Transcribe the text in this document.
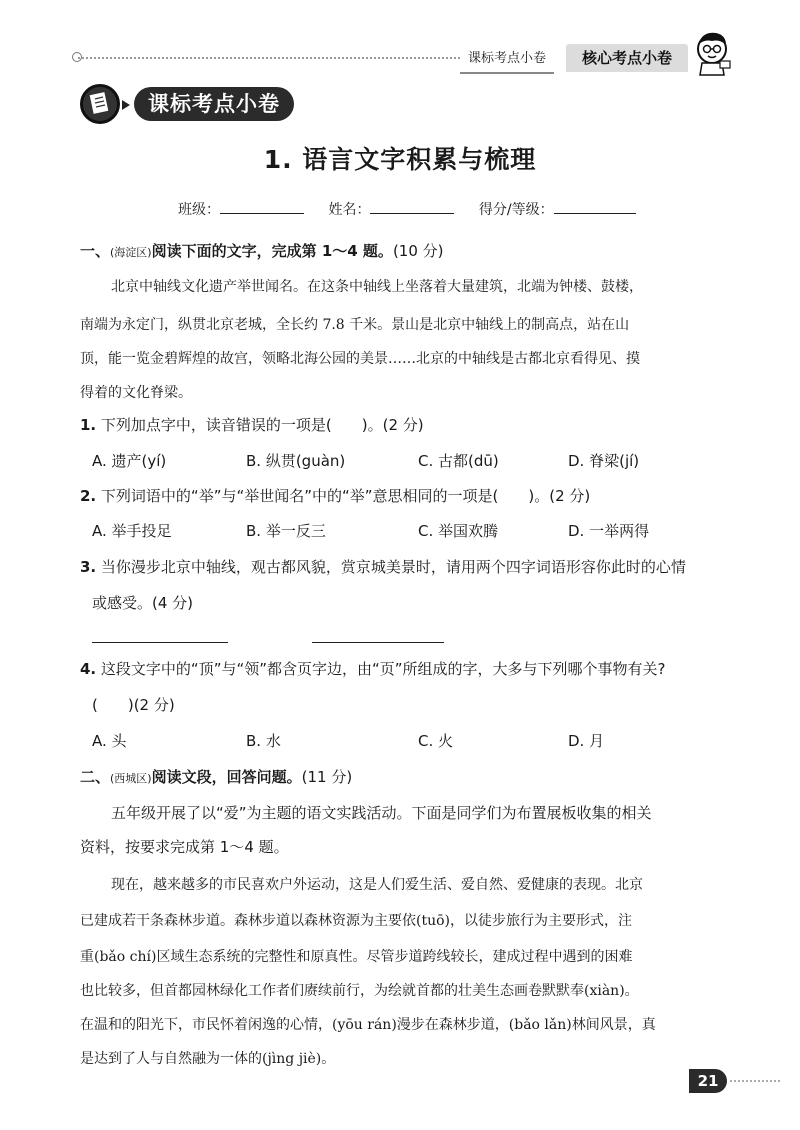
课标考点小卷	核心考点小卷
课标考点小卷
1. 语言文字积累与梳理
班级：	姓名：	得分/等级：
一、(海淀区)阅读下面的文字，完成第 1～4 题。(10 分)
北京中轴线文化遗产举世闻名。在这条中轴线上坐落着大量建筑，北端为钟楼、鼓楼，
南端为永定门，纵贯北京老城，全长约 7.8 千米。景山是北京中轴线上的制高点，站在山
顶，能一览金碧辉煌的故宫，领略北海公园的美景……北京的中轴线是古都北京看得见、摸
得着的文化脊梁。
1. 下列加点字中，读音错误的一项是(　　)。(2 分)
A. 遗产(yí)	B. 纵贯(guàn)	C. 古都(dū)	D. 脊梁(jí)
2. 下列词语中的“举”与“举世闻名”中的“举”意思相同的一项是(　　)。(2 分)
A. 举手投足	B. 举一反三	C. 举国欢腾	D. 一举两得
3. 当你漫步北京中轴线，观古都风貌，赏京城美景时，请用两个四字词语形容你此时的心情
或感受。(4 分)
4. 这段文字中的“顶”与“领”都含页字边，由“页”所组成的字，大多与下列哪个事物有关?
(　　)(2 分)
A. 头	B. 水	C. 火	D. 月
二、(西城区)阅读文段，回答问题。(11 分)
五年级开展了以“爱”为主题的语文实践活动。下面是同学们为布置展板收集的相关
资料，按要求完成第 1～4 题。
现在，越来越多的市民喜欢户外运动，这是人们爱生活、爱自然、爱健康的表现。北京
已建成若干条森林步道。森林步道以森林资源为主要依(tuō)，以徒步旅行为主要形式，注
重(bǎo chí)区域生态系统的完整性和原真性。尽管步道跨线较长，建成过程中遇到的困难
也比较多，但首都园林绿化工作者们赓续前行，为绘就首都的壮美生态画卷默默奉(xiàn)。
在温和的阳光下，市民怀着闲逸的心情，(yōu rán)漫步在森林步道，(bǎo lǎn)林间风景，真
是达到了人与自然融为一体的(jìng jiè)。
21
